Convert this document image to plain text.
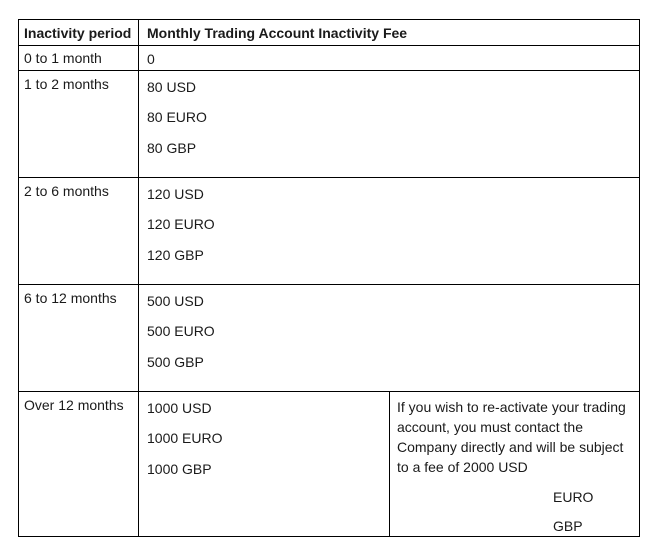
Inactivity period Monthly Trading Account Inactivity Fee
0 to 1 month	0
1 to 2 months	80 USD
80 EURO
80 GBP
2 to 6 months	120 USD
120 EURO
120 GBP
6 to 12 months 500 USD
500 EURO
500 GBP
Over 12 months 1000 USD
1000 EURO
1000 GBP
If you wish to re-activate your trading account, you must contact the Company directly and will be subject to a fee of 2000 USD
EURO
GBP
